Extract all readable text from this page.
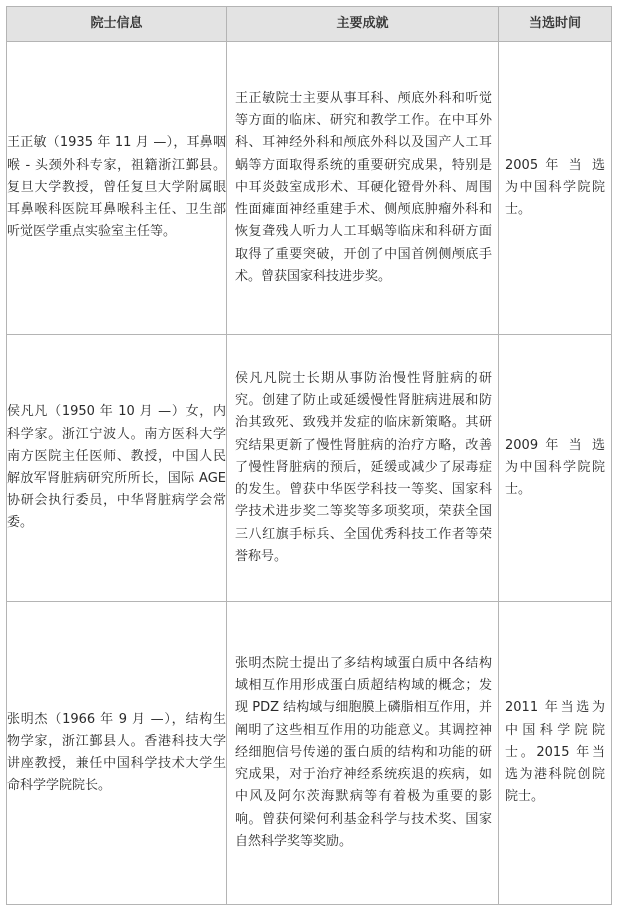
院士信息	主要成就	当选时间

王正敏（1935 年 11 月 —），耳鼻咽喉 - 头颈外科专家，祖籍浙江鄞县。复旦大学教授，曾任复旦大学附属眼耳鼻喉科医院耳鼻喉科主任、卫生部听觉医学重点实验室主任等。	王正敏院士主要从事耳科、颅底外科和听觉等方面的临床、研究和教学工作。在中耳外科、耳神经外科和颅底外科以及国产人工耳蜗等方面取得系统的重要研究成果，特别是中耳炎鼓室成形术、耳硬化镫骨外科、周围性面瘫面神经重建手术、侧颅底肿瘤外科和恢复聋残人听力人工耳蜗等临床和科研方面取得了重要突破，开创了中国首例侧颅底手术。曾获国家科技进步奖。	2005 年 当 选 为中国科学院院士。

侯凡凡（1950 年 10 月 —）女，内科学家。浙江宁波人。南方医科大学南方医院主任医师、教授，中国人民解放军肾脏病研究所所长，国际 AGE 协研会执行委员，中华肾脏病学会常委。	侯凡凡院士长期从事防治慢性肾脏病的研究。创建了防止或延缓慢性肾脏病进展和防治其致死、致残并发症的临床新策略。其研究结果更新了慢性肾脏病的治疗方略，改善了慢性肾脏病的预后，延缓或减少了尿毒症的发生。曾获中华医学科技一等奖、国家科学技术进步奖二等奖等多项奖项，荣获全国三八红旗手标兵、全国优秀科技工作者等荣誉称号。	2009 年 当 选 为中国科学院院士。

张明杰（1966 年 9 月 —），结构生物学家，浙江鄞县人。香港科技大学讲座教授，兼任中国科学技术大学生命科学学院院长。	张明杰院士提出了多结构域蛋白质中各结构域相互作用形成蛋白质超结构域的概念；发现 PDZ 结构域与细胞膜上磷脂相互作用，并阐明了这些相互作用的功能意义。其调控神经细胞信号传递的蛋白质的结构和功能的研究成果，对于治疗神经系统疾退的疾病，如中风及阿尔茨海默病等有着极为重要的影响。曾获何梁何利基金科学与技术奖、国家自然科学奖等奖励。	2011 年当选为中国科学院院士。2015 年当选为港科院创院院士。
